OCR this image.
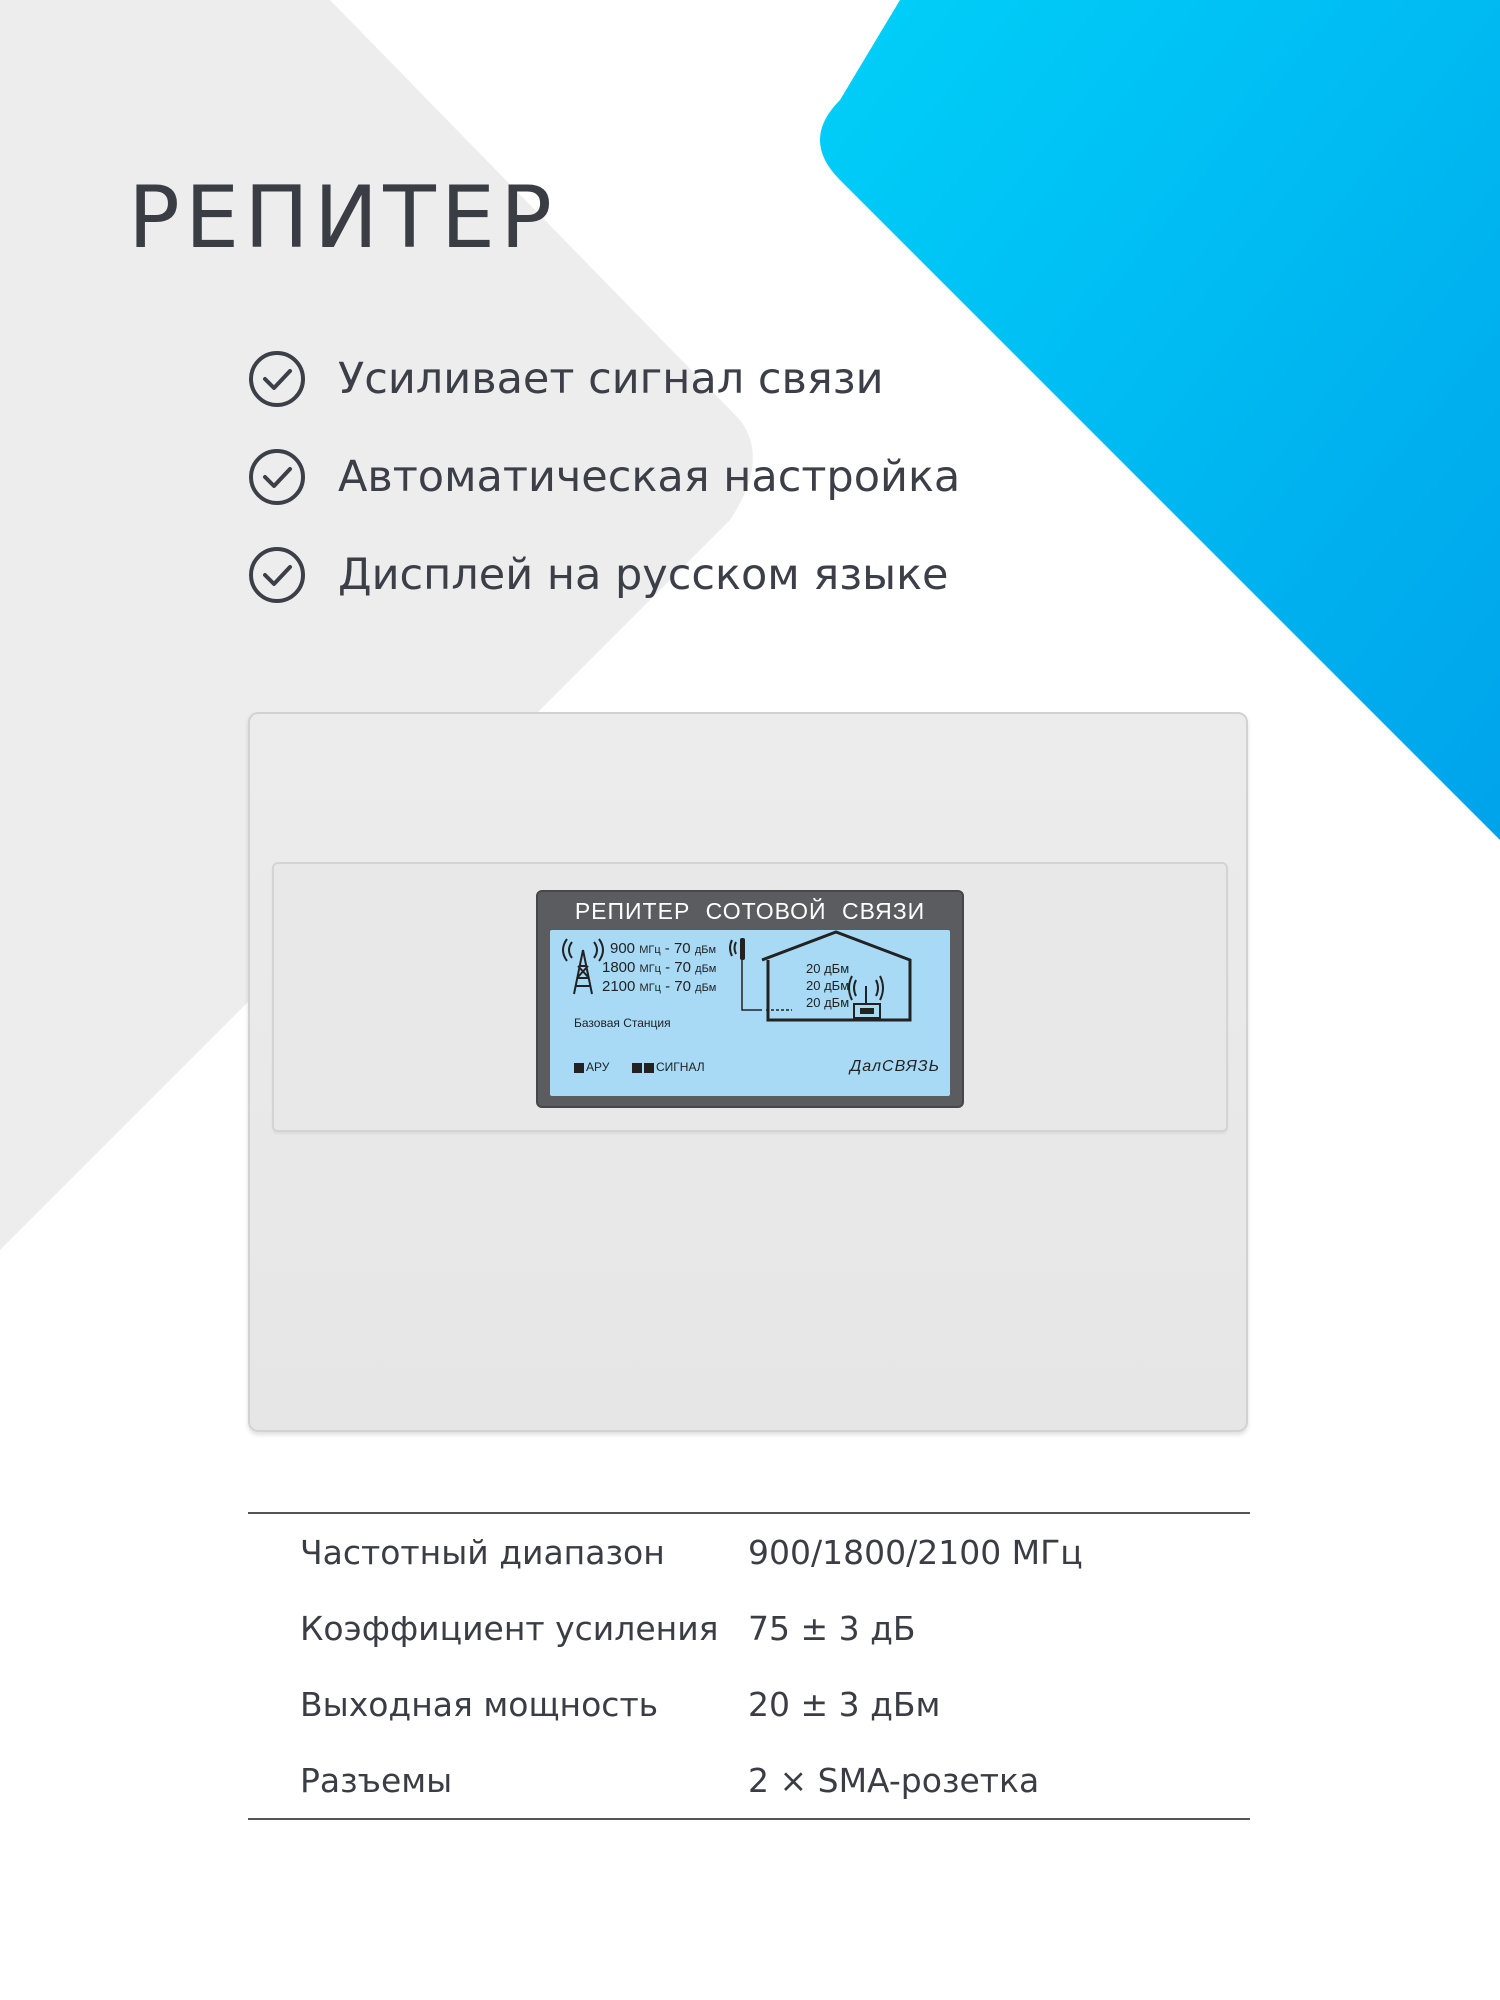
РЕПИТЕР
Усиливает сигнал связи
Автоматическая настройка
Дисплей на русском языке
РЕПИТЕР СОТОВОЙ СВЯЗИ
900 МГц - 70 дБм
1800 МГц - 70 дБм
2100 МГц - 70 дБм
20 дБм
20 дБм
20 дБм
Базовая Станция
АРУ	СИГНАЛ	ДалСВЯЗЬ
Частотный диапазон	900/1800/2100 МГц
Коэффициент усиления 75 ± 3 дБ
Выходная мощность	20 ± 3 дБм
Разъемы	2 × SMA-розетка
